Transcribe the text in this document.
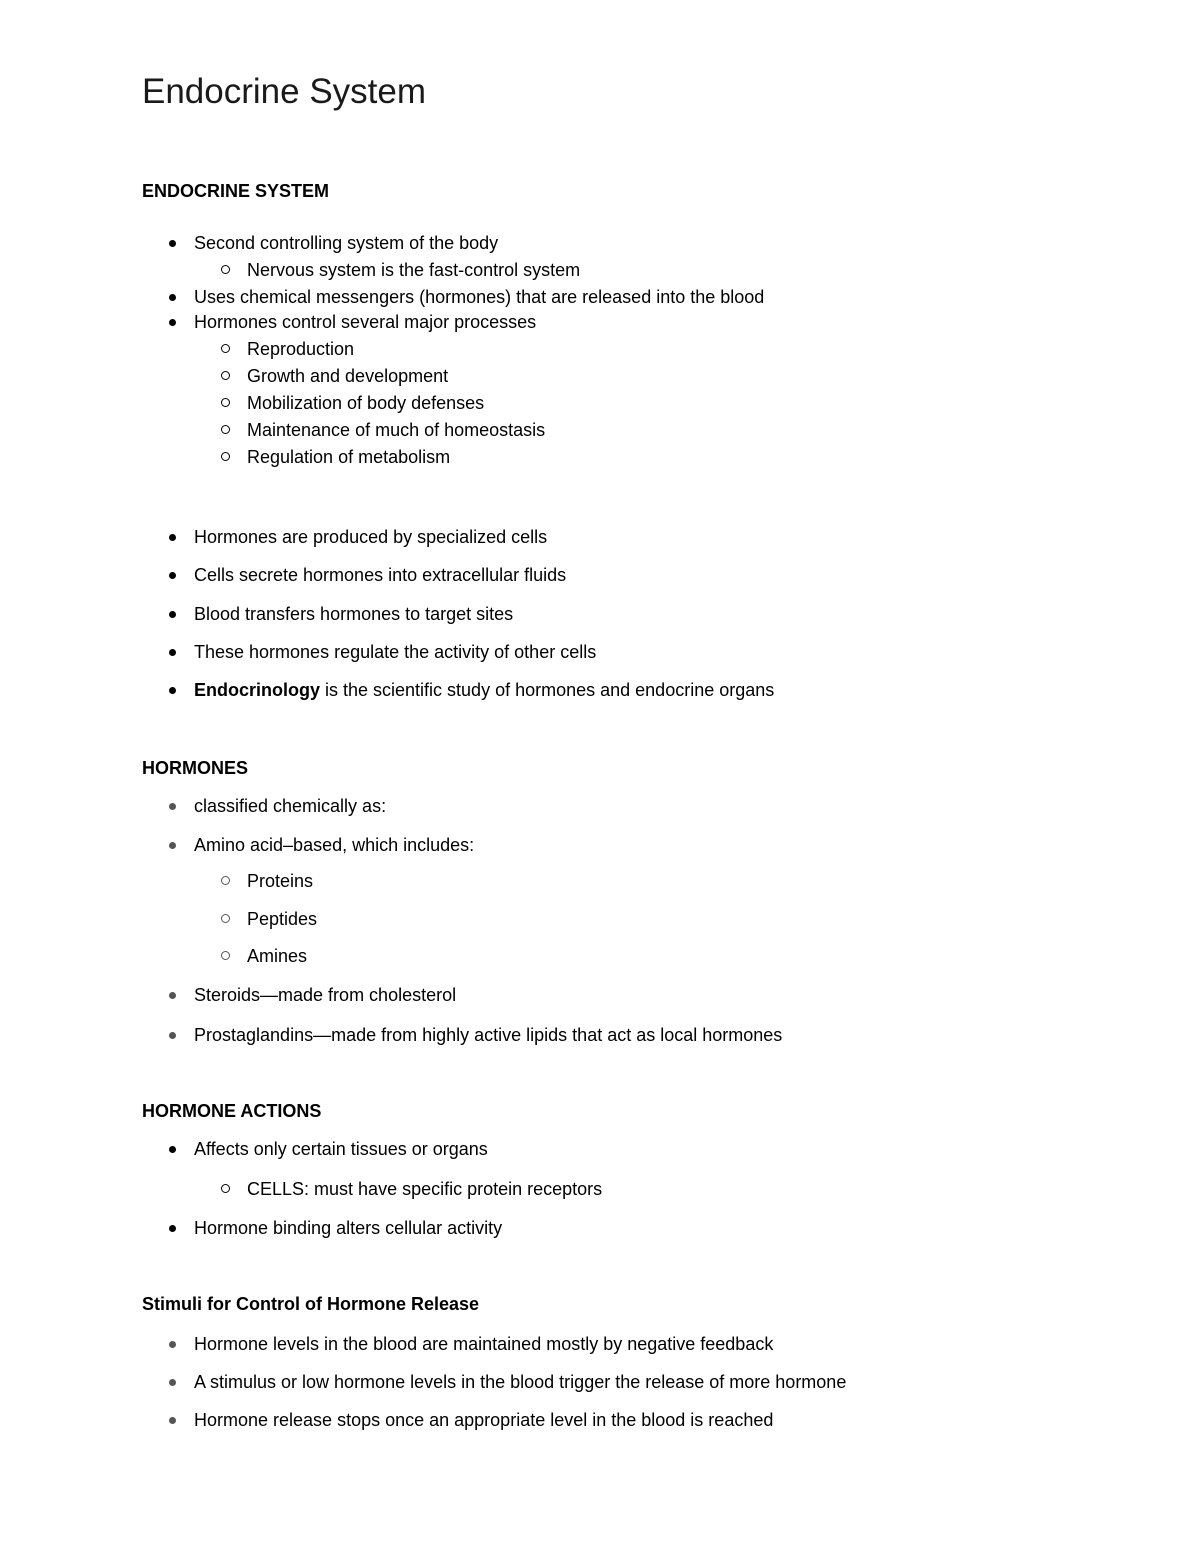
Endocrine System
ENDOCRINE SYSTEM
Second controlling system of the body
Nervous system is the fast-control system
Uses chemical messengers (hormones) that are released into the blood
Hormones control several major processes
Reproduction
Growth and development
Mobilization of body defenses
Maintenance of much of homeostasis
Regulation of metabolism
Hormones are produced by specialized cells
Cells secrete hormones into extracellular fluids
Blood transfers hormones to target sites
These hormones regulate the activity of other cells
Endocrinology is the scientific study of hormones and endocrine organs
HORMONES
classified chemically as:
Amino acid–based, which includes:
Proteins
Peptides
Amines
Steroids—made from cholesterol
Prostaglandins—made from highly active lipids that act as local hormones
HORMONE ACTIONS
Affects only certain tissues or organs
CELLS: must have specific protein receptors
Hormone binding alters cellular activity
Stimuli for Control of Hormone Release
Hormone levels in the blood are maintained mostly by negative feedback
A stimulus or low hormone levels in the blood trigger the release of more hormone
Hormone release stops once an appropriate level in the blood is reached
